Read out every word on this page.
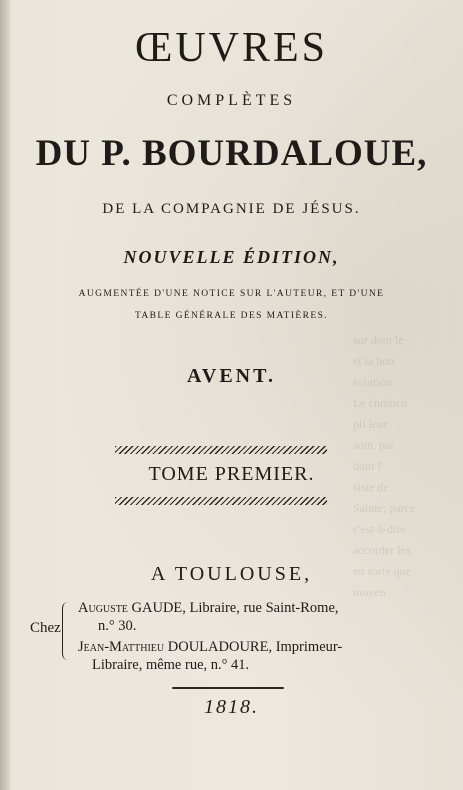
sur dont le
et la bon
solution.
Le chrétien
pli leur
soin, par
dont l'
siste de
Sainte; parce
c'est-à-dire
accorder les
en sorte que
moyen
ŒUVRES
COMPLÈTES
DU P. BOURDALOUE,
DE LA COMPAGNIE DE JÉSUS.
NOUVELLE ÉDITION,
AUGMENTÉE D'UNE NOTICE SUR L'AUTEUR, ET D'UNE
TABLE GÉNÉRALE DES MATIÈRES.
AVENT.
TOME PREMIER.
A TOULOUSE,
Chez
Auguste GAUDE, Libraire, rue Saint-Rome,
n.° 30.
Jean-Matthieu DOULADOURE, Imprimeur-
Libraire, même rue, n.° 41.
1818.
